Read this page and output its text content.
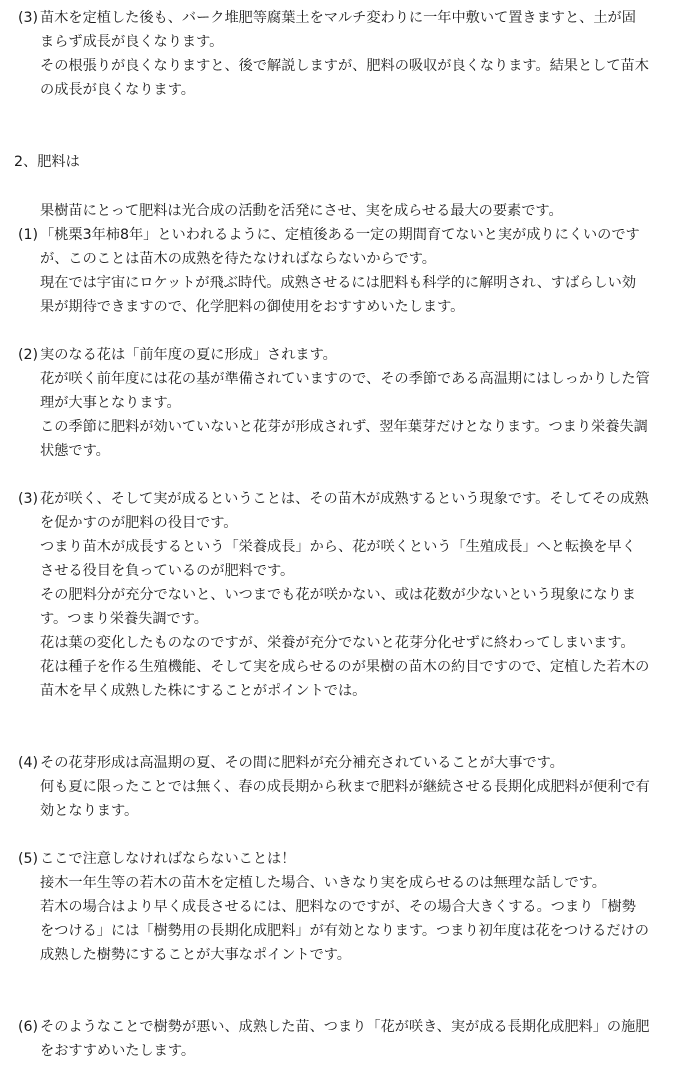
(3) 苗木を定植した後も、バーク堆肥等腐葉土をマルチ変わりに一年中敷いて置きますと、土が固まらず成長が良くなります。
その根張りが良くなりますと、後で解説しますが、肥料の吸収が良くなります。結果として苗木の成長が良くなります。
2、肥料は
果樹苗にとって肥料は光合成の活動を活発にさせ、実を成らせる最大の要素です。
(1) 「桃栗3年柿8年」といわれるように、定植後ある一定の期間育てないと実が成りにくいのですが、このことは苗木の成熟を待たなければならないからです。
現在では宇宙にロケットが飛ぶ時代。成熟させるには肥料も科学的に解明され、すばらしい効果が期待できますので、化学肥料の御使用をおすすめいたします。
(2) 実のなる花は「前年度の夏に形成」されます。
花が咲く前年度には花の基が準備されていますので、その季節である高温期にはしっかりした管理が大事となります。
この季節に肥料が効いていないと花芽が形成されず、翌年葉芽だけとなります。つまり栄養失調状態です。
(3) 花が咲く、そして実が成るということは、その苗木が成熟するという現象です。そしてその成熟を促かすのが肥料の役目です。
つまり苗木が成長するという「栄養成長」から、花が咲くという「生殖成長」へと転換を早くさせる役目を負っているのが肥料です。
その肥料分が充分でないと、いつまでも花が咲かない、或は花数が少ないという現象になります。つまり栄養失調です。
花は葉の変化したものなのですが、栄養が充分でないと花芽分化せずに終わってしまいます。
花は種子を作る生殖機能、そして実を成らせるのが果樹の苗木の約目ですので、定植した若木の苗木を早く成熟した株にすることがポイントでは。
(4) その花芽形成は高温期の夏、その間に肥料が充分補充されていることが大事です。
何も夏に限ったことでは無く、春の成長期から秋まで肥料が継続させる長期化成肥料が便利で有効となります。
(5) ここで注意しなければならないことは！
接木一年生等の若木の苗木を定植した場合、いきなり実を成らせるのは無理な話しです。
若木の場合はより早く成長させるには、肥料なのですが、その場合大きくする。つまり「樹勢をつける」には「樹勢用の長期化成肥料」が有効となります。つまり初年度は花をつけるだけの成熟した樹勢にすることが大事なポイントです。
(6) そのようなことで樹勢が悪い、成熟した苗、つまり「花が咲き、実が成る長期化成肥料」の施肥をおすすめいたします。
